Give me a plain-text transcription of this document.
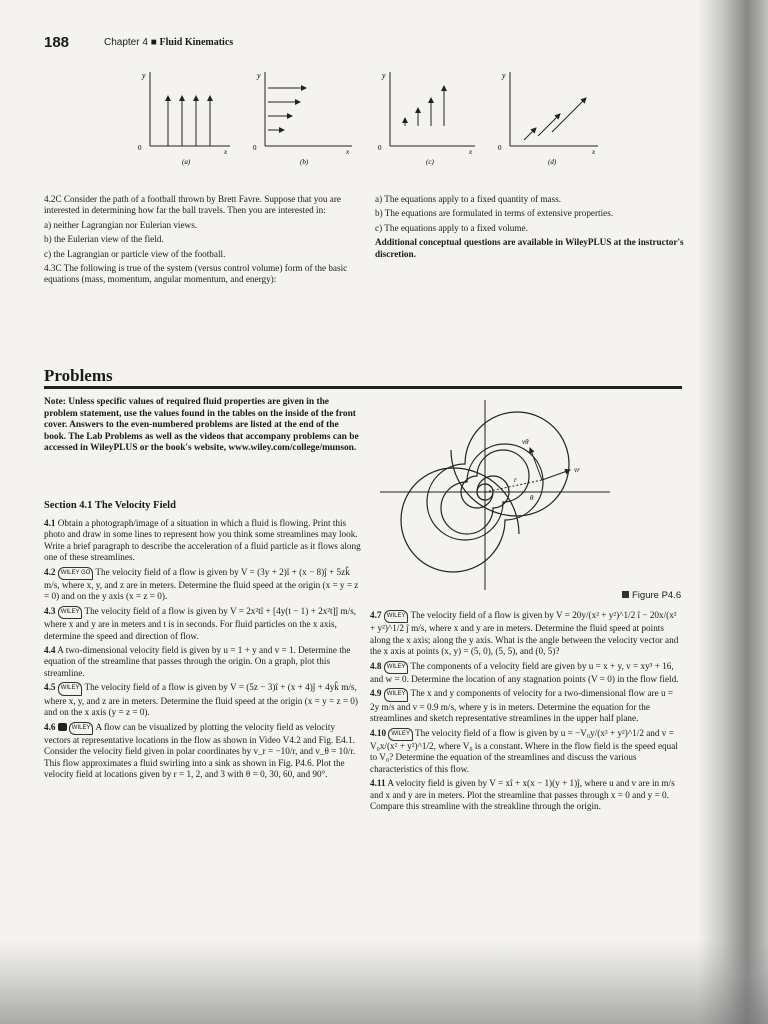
188	Chapter 4 ■ Fluid Kinematics
y
x
0
(a)
y
x
0
(b)
y
x
0
(c)
y
x
0
(d)

4.2C Consider the path of a football thrown by Brett Favre. Suppose that you are interested in determining how far the ball travels. Then you are interested in:

a) neither Lagrangian nor Eulerian views.

b) the Eulerian view of the field.

c) the Lagrangian or particle view of the football.

4.3C The following is true of the system (versus control volume) form of the basic equations (mass, momentum, angular momentum, and energy):

a) The equations apply to a fixed quantity of mass.

b) The equations are formulated in terms of extensive properties.

c) The equations apply to a fixed volume.

Additional conceptual questions are available in WileyPLUS at the instructor's discretion.

Problems
Note: Unless specific values of required fluid properties are given in the problem statement, use the values found in the tables on the inside of the front cover. Answers to the even-numbered problems are listed at the end of the book. The Lab Problems as well as the videos that accompany problems can be accessed in WileyPLUS or the book's website, www.wiley.com/college/munson.
Section 4.1 The Velocity Field

4.1 Obtain a photograph/image of a situation in which a fluid is flowing. Print this photo and draw in some lines to represent how you think some streamlines may look. Write a brief paragraph to describe the acceleration of a fluid particle as it flows along one of these streamlines.

4.2 WILEY GO The velocity field of a flow is given by V = (3y + 2)î + (x − 8)ĵ + 5zk̂ m/s, where x, y, and z are in meters. Determine the fluid speed at the origin (x = y = z = 0) and on the y axis (x = z = 0).

4.3 WILEY The velocity field of a flow is given by V = 2x²tî + [4y(t − 1) + 2x²t]ĵ m/s, where x and y are in meters and t is in seconds. For fluid particles on the x axis, determine the speed and direction of flow.

4.4 A two-dimensional velocity field is given by u = 1 + y and v = 1. Determine the equation of the streamline that passes through the origin. On a graph, plot this streamline.

4.5 WILEY The velocity field of a flow is given by V = (5z − 3)î + (x + 4)ĵ + 4yk̂ m/s, where x, y, and z are in meters. Determine the fluid speed at the origin (x = y = z = 0) and on the x axis (y = z = 0).

4.6	WILEY A flow can be visualized by plotting the velocity field as velocity vectors at representative locations in the flow as shown in Video V4.2 and Fig. E4.1. Consider the velocity field given in polar coordinates by v_r = −10/r, and v_θ = 10/r. This flow approximates a fluid swirling into a sink as shown in Fig. P4.6. Plot the velocity field at locations given by r = 1, 2, and 3 with θ = 0, 30, 60, and 90°.

vθ
vr
r
θ
Figure P4.6

4.7 WILEY The velocity field of a flow is given by V = 20y/(x² + y²)^1/2 î − 20x/(x² + y²)^1/2 ĵ m/s, where x and y are in meters. Determine the fluid speed at points along the x axis; along the y axis. What is the angle between the velocity vector and the x axis at points (x, y) = (5, 0), (5, 5), and (0, 5)?

4.8 WILEY The components of a velocity field are given by u = x + y, v = xy³ + 16, and w = 0. Determine the location of any stagnation points (V = 0) in the flow field.

4.9 WILEY The x and y components of velocity for a two-dimensional flow are u = 2y m/s and v = 0.9 m/s, where y is in meters. Determine the equation for the streamlines and sketch representative streamlines in the upper half plane.

4.10 WILEY The velocity field of a flow is given by u = −V₀y/(x² + y²)^1/2 and v = V₀x/(x² + y²)^1/2, where V₀ is a constant. Where in the flow field is the speed equal to V₀? Determine the equation of the streamlines and discuss the various characteristics of this flow.

4.11 A velocity field is given by V = xî + x(x − 1)(y + 1)ĵ, where u and v are in m/s and x and y are in meters. Plot the streamline that passes through x = 0 and y = 0. Compare this streamline with the streakline through the origin.
